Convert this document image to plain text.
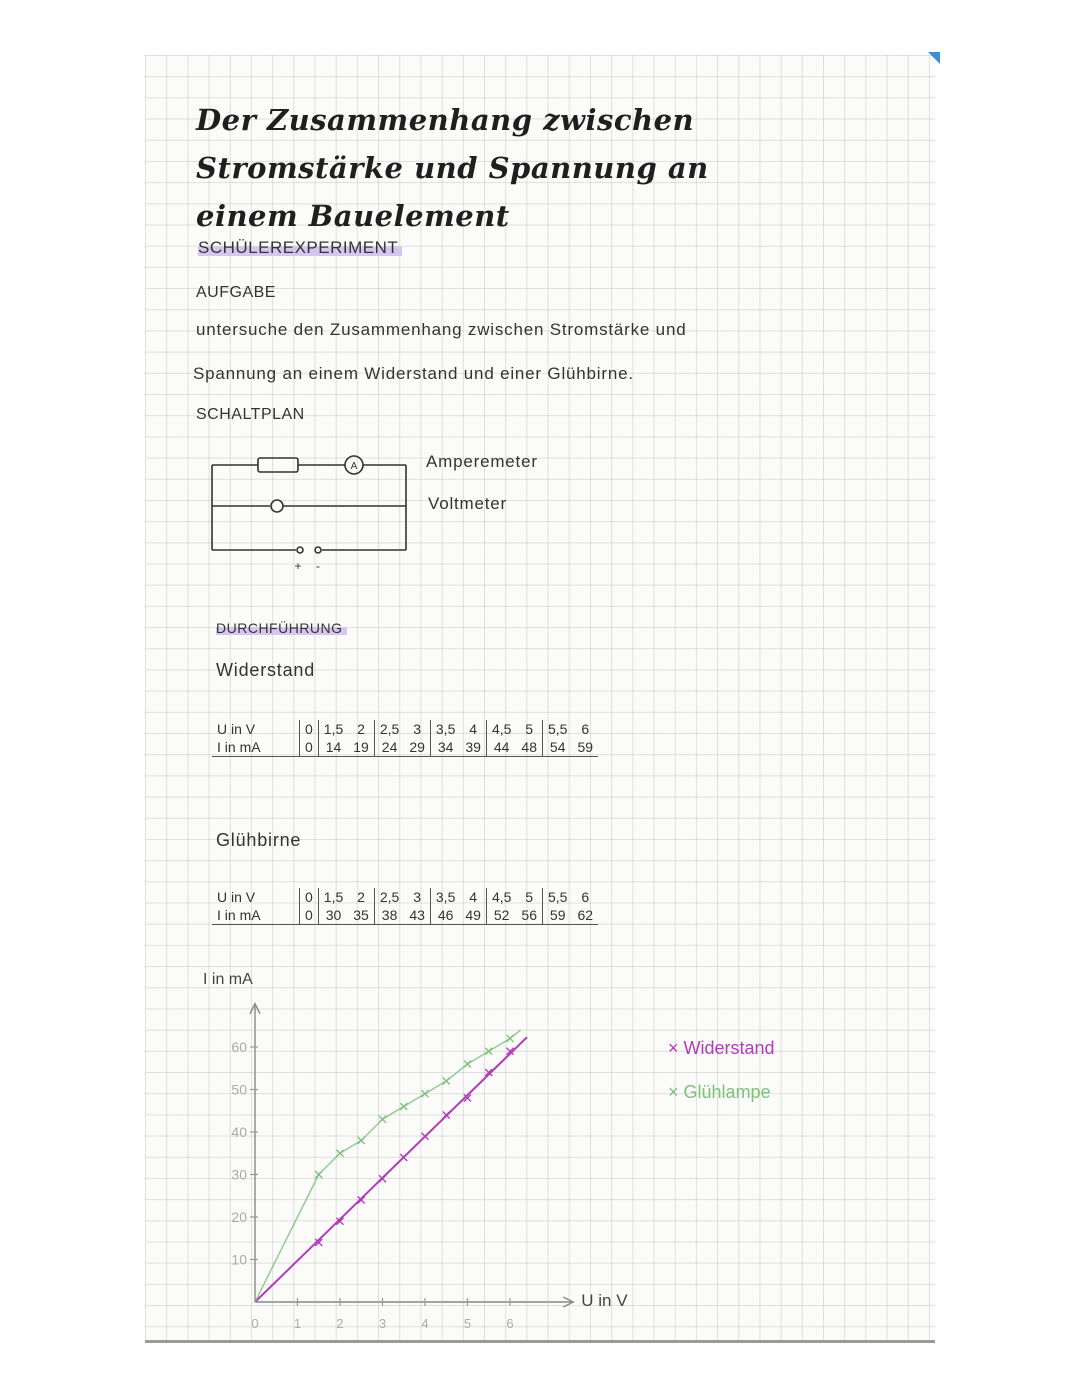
Der Zusammenhang zwischen
Stromstärke und Spannung an
einem Bauelement
SCHÜLEREXPERIMENT
AUFGABE
untersuche den Zusammenhang zwischen Stromstärke und
Spannung an einem Widerstand und einer Glühbirne.
SCHALTPLAN
A
+ -
Amperemeter
Voltmeter
DURCHFÜHRUNG
Widerstand
U in V	0	1,5	2	2,5	3	3,5	4	4,5	5	5,5	6
I in mA	0	14	19	24	29	34	39	44	48	54	59
Glühbirne
U in V	0	1,5	2	2,5	3	3,5	4	4,5	5	5,5	6
I in mA	0	30	35	38	43	46	49	52	56	59	62
10
20
30
40
50
60
0	1	2	3	4	5	6
I in mA
U in V
× Widerstand
× Glühlampe
